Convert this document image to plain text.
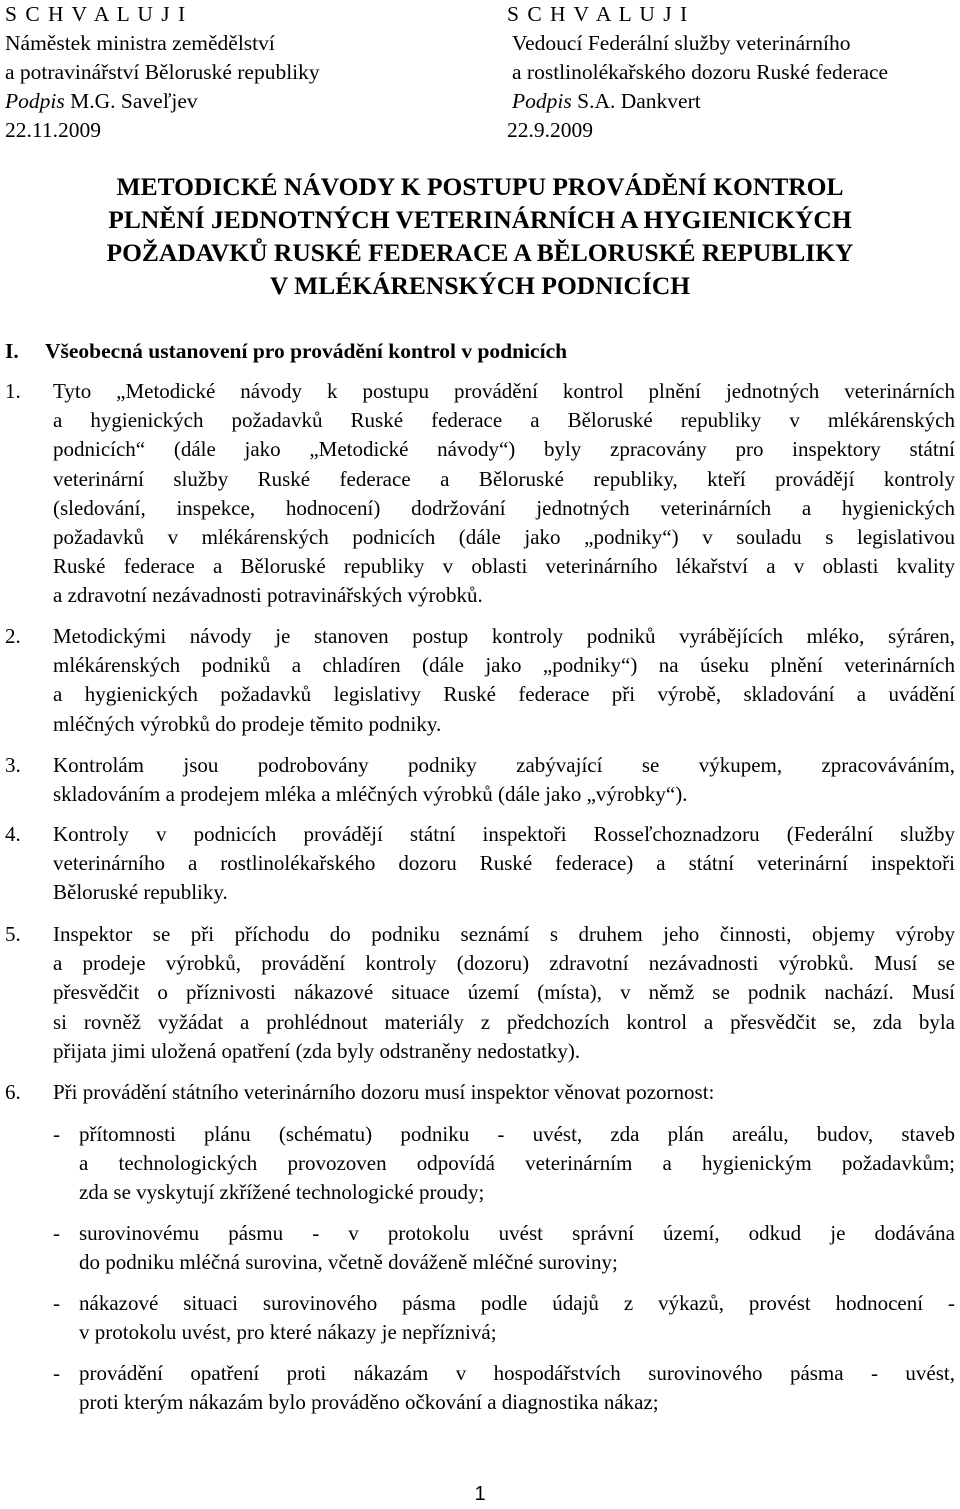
S C H V A L U J I
Náměstek ministra zemědělství
a potravinářství Běloruské republiky
Podpis M.G. Saveľjev
22.11.2009
S C H V A L U J I
Vedoucí Federální služby veterinárního
a rostlinolékařského dozoru Ruské federace
Podpis S.A. Dankvert
22.9.2009
METODICKÉ NÁVODY K POSTUPU PROVÁDĚNÍ KONTROL
PLNĚNÍ JEDNOTNÝCH VETERINÁRNÍCH A HYGIENICKÝCH
POŽADAVKŮ RUSKÉ FEDERACE A BĚLORUSKÉ REPUBLIKY
V MLÉKÁRENSKÝCH PODNICÍCH
I. Všeobecná ustanovení pro provádění kontrol v podnicích
1. Tyto „Metodické návody k postupu provádění kontrol plnění jednotných veterinárních
a hygienických požadavků Ruské federace a Běloruské republiky v mlékárenských
podnicích“ (dále jako „Metodické návody“) byly zpracovány pro inspektory státní
veterinární služby Ruské federace a Běloruské republiky, kteří provádějí kontroly
(sledování, inspekce, hodnocení) dodržování jednotných veterinárních a hygienických
požadavků v mlékárenských podnicích (dále jako „podniky“) v souladu s legislativou
Ruské federace a Běloruské republiky v oblasti veterinárního lékařství a v oblasti kvality
a zdravotní nezávadnosti potravinářských výrobků.
2. Metodickými návody je stanoven postup kontroly podniků vyrábějících mléko, sýráren,
mlékárenských podniků a chladíren (dále jako „podniky“) na úseku plnění veterinárních
a hygienických požadavků legislativy Ruské federace při výrobě, skladování a uvádění
mléčných výrobků do prodeje těmito podniky.
3. Kontrolám jsou podrobovány podniky zabývající se výkupem, zpracováváním,
skladováním a prodejem mléka a mléčných výrobků (dále jako „výrobky“).
4. Kontroly v podnicích provádějí státní inspektoři Rosseľchoznadzoru (Federální služby
veterinárního a rostlinolékařského dozoru Ruské federace) a státní veterinární inspektoři
Běloruské republiky.
5. Inspektor se při příchodu do podniku seznámí s druhem jeho činnosti, objemy výroby
a prodeje výrobků, provádění kontroly (dozoru) zdravotní nezávadnosti výrobků. Musí se
přesvědčit o příznivosti nákazové situace území (místa), v němž se podnik nachází. Musí
si rovněž vyžádat a prohlédnout materiály z předchozích kontrol a přesvědčit se, zda byla
přijata jimi uložená opatření (zda byly odstraněny nedostatky).
6. Při provádění státního veterinárního dozoru musí inspektor věnovat pozornost:
- přítomnosti plánu (schématu) podniku - uvést, zda plán areálu, budov, staveb
a technologických provozoven odpovídá veterinárním a hygienickým požadavkům;
zda se vyskytují zkřížené technologické proudy;
- surovinovému pásmu - v protokolu uvést správní území, odkud je dodávána
do podniku mléčná surovina, včetně dováženě mléčné suroviny;
- nákazové situaci surovinového pásma podle údajů z výkazů, provést hodnocení -
v protokolu uvést, pro které nákazy je nepříznivá;
- provádění opatření proti nákazám v hospodářstvích surovinového pásma - uvést,
proti kterým nákazám bylo prováděno očkování a diagnostika nákaz;
1
